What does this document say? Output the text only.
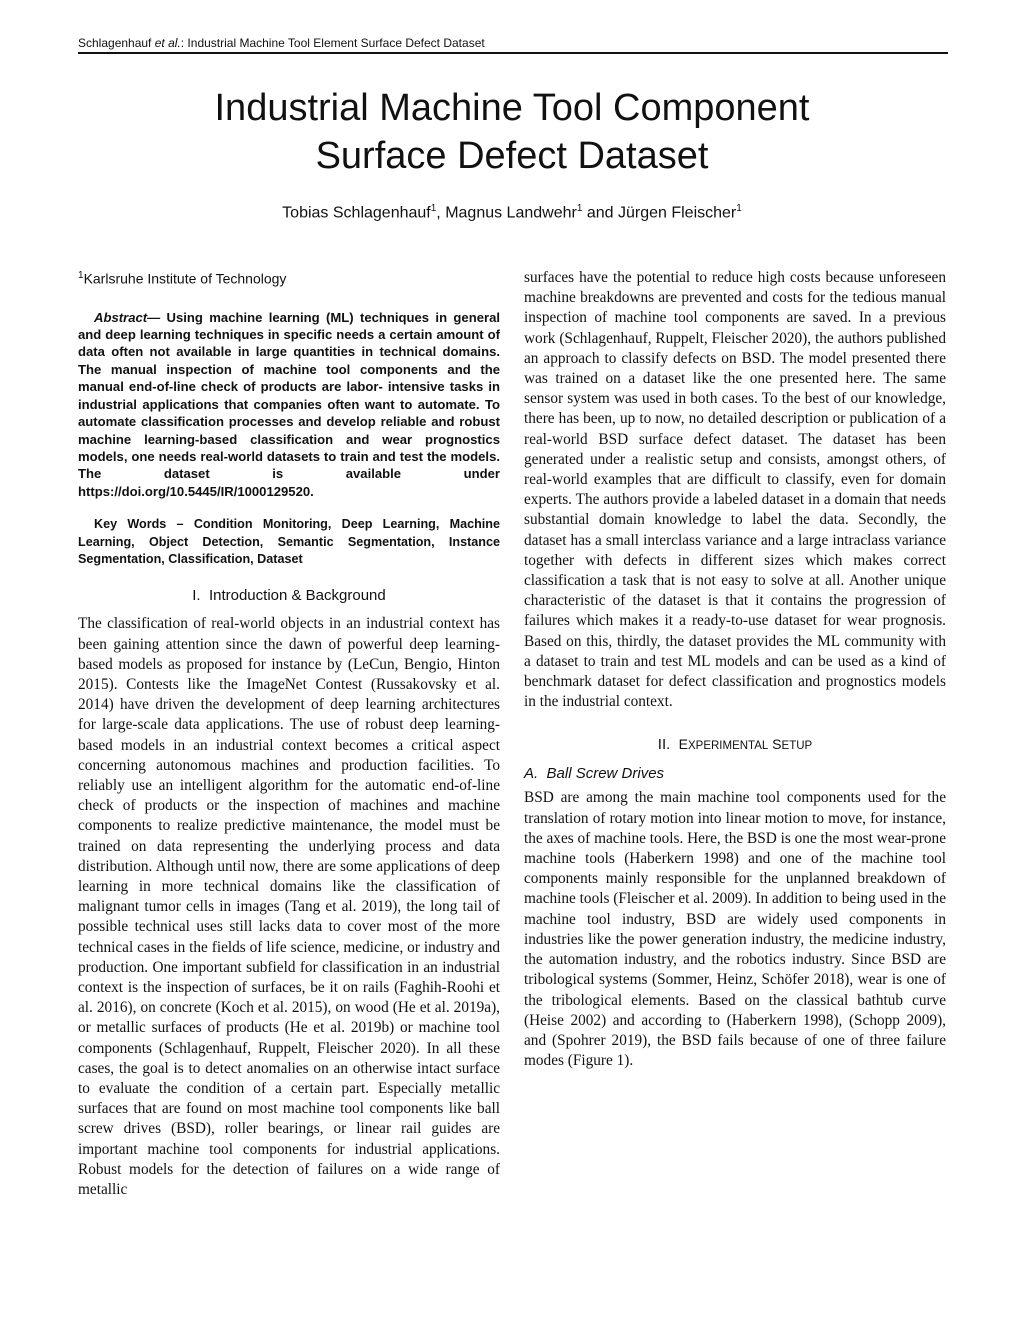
Schlagenhauf et al.: Industrial Machine Tool Element Surface Defect Dataset
Industrial Machine Tool Component
Surface Defect Dataset
Tobias Schlagenhauf$^1$, Magnus Landwehr$^1$ and Jürgen Fleischer$^1$

$^1$Karlsruhe Institute of Technology

Abstract— Using machine learning (ML) techniques in general and deep learning techniques in specific needs a certain amount of data often not available in large quantities in technical domains. The manual inspection of machine tool components and the manual end-of-line check of products are labor- intensive tasks in industrial applications that companies often want to automate. To automate classification processes and develop reliable and robust machine learning-based classification and wear prognostics models, one needs real-world datasets to train and test the models. The dataset is available under https://doi.org/10.5445/IR/1000129520.

Key Words – Condition Monitoring, Deep Learning, Machine Learning, Object Detection, Semantic Segmentation, Instance Segmentation, Classification, Dataset

I. Introduction & Background

The classification of real-world objects in an industrial context has been gaining attention since the dawn of powerful deep learning-based models as proposed for instance by (LeCun, Bengio, Hinton 2015). Contests like the ImageNet Contest (Russakovsky et al. 2014) have driven the development of deep learning architectures for large-scale data applications. The use of robust deep learning-based models in an industrial context becomes a critical aspect concerning autonomous machines and production facilities. To reliably use an intelligent algorithm for the automatic end-of-line check of products or the inspection of machines and machine components to realize predictive maintenance, the model must be trained on data representing the underlying process and data distribution. Although until now, there are some applications of deep learning in more technical domains like the classification of malignant tumor cells in images (Tang et al. 2019), the long tail of possible technical uses still lacks data to cover most of the more technical cases in the fields of life science, medicine, or industry and production. One important subfield for classification in an industrial context is the inspection of surfaces, be it on rails (Faghih-Roohi et al. 2016), on concrete (Koch et al. 2015), on wood (He et al. 2019a), or metallic surfaces of products (He et al. 2019b) or machine tool components (Schlagenhauf, Ruppelt, Fleischer 2020). In all these cases, the goal is to detect anomalies on an otherwise intact surface to evaluate the condition of a certain part. Especially metallic surfaces that are found on most machine tool components like ball screw drives (BSD), roller bearings, or linear rail guides are important machine tool components for industrial applications. Robust models for the detection of failures on a wide range of metallic

surfaces have the potential to reduce high costs because unforeseen machine breakdowns are prevented and costs for the tedious manual inspection of machine tool components are saved. In a previous work (Schlagenhauf, Ruppelt, Fleischer 2020), the authors published an approach to classify defects on BSD. The model presented there was trained on a dataset like the one presented here. The same sensor system was used in both cases. To the best of our knowledge, there has been, up to now, no detailed description or publication of a real-world BSD surface defect dataset. The dataset has been generated under a realistic setup and consists, amongst others, of real-world examples that are difficult to classify, even for domain experts. The authors provide a labeled dataset in a domain that needs substantial domain knowledge to label the data. Secondly, the dataset has a small interclass variance and a large intraclass variance together with defects in different sizes which makes correct classification a task that is not easy to solve at all. Another unique characteristic of the dataset is that it contains the progression of failures which makes it a ready-to-use dataset for wear prognosis. Based on this, thirdly, the dataset provides the ML community with a dataset to train and test ML models and can be used as a kind of benchmark dataset for defect classification and prognostics models in the industrial context.

II. EXPERIMENTAL SETUP
A. Ball Screw Drives

BSD are among the main machine tool components used for the translation of rotary motion into linear motion to move, for instance, the axes of machine tools. Here, the BSD is one the most wear-prone machine tools (Haberkern 1998) and one of the machine tool components mainly responsible for the unplanned breakdown of machine tools (Fleischer et al. 2009). In addition to being used in the machine tool industry, BSD are widely used components in industries like the power generation industry, the medicine industry, the automation industry, and the robotics industry. Since BSD are tribological systems (Sommer, Heinz, Schöfer 2018), wear is one of the tribological elements. Based on the classical bathtub curve (Heise 2002) and according to (Haberkern 1998), (Schopp 2009), and (Spohrer 2019), the BSD fails because of one of three failure modes (Figure 1).
